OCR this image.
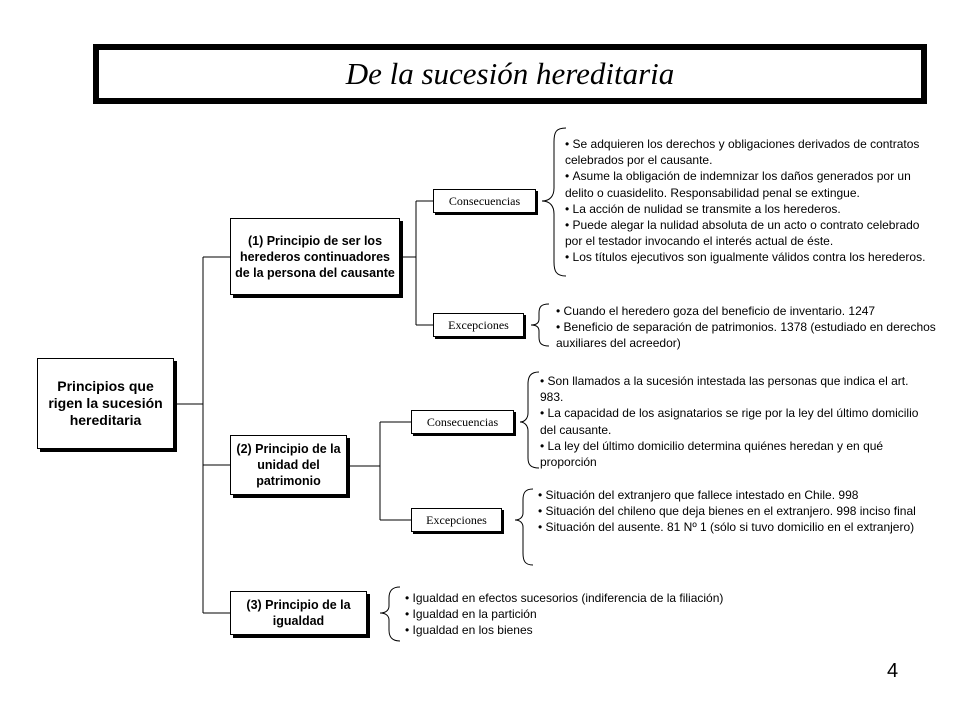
De la sucesión hereditaria
Principios que rigen la sucesión hereditaria
(1) Principio de ser los herederos continuadores de la persona del causante
(2) Principio de la unidad del patrimonio
(3) Principio de la igualdad
Consecuencias
Excepciones
Consecuencias
Excepciones
• Se adquieren los derechos y obligaciones derivados de contratos celebrados por el causante.
• Asume la obligación de indemnizar los daños generados por un delito o cuasidelito. Responsabilidad penal se extingue.
• La acción de nulidad se transmite a los herederos.
• Puede alegar la nulidad absoluta de un acto o contrato celebrado por el testador invocando el interés actual de éste.
• Los títulos ejecutivos son igualmente válidos contra los herederos.
• Cuando el heredero goza del beneficio de inventario. 1247
• Beneficio de separación de patrimonios. 1378 (estudiado en derechos auxiliares del acreedor)
• Son llamados a la sucesión intestada las personas que indica el art. 983.
• La capacidad de los asignatarios se rige por la ley del último domicilio del causante.
• La ley del último domicilio determina quiénes heredan y en qué proporción
• Situación del extranjero que fallece intestado en Chile. 998
• Situación del chileno que deja bienes en el extranjero. 998 inciso final
• Situación del ausente. 81 Nº 1 (sólo si tuvo domicilio en el extranjero)
• Igualdad en efectos sucesorios (indiferencia de la filiación)
• Igualdad en la partición
• Igualdad en los bienes
4
